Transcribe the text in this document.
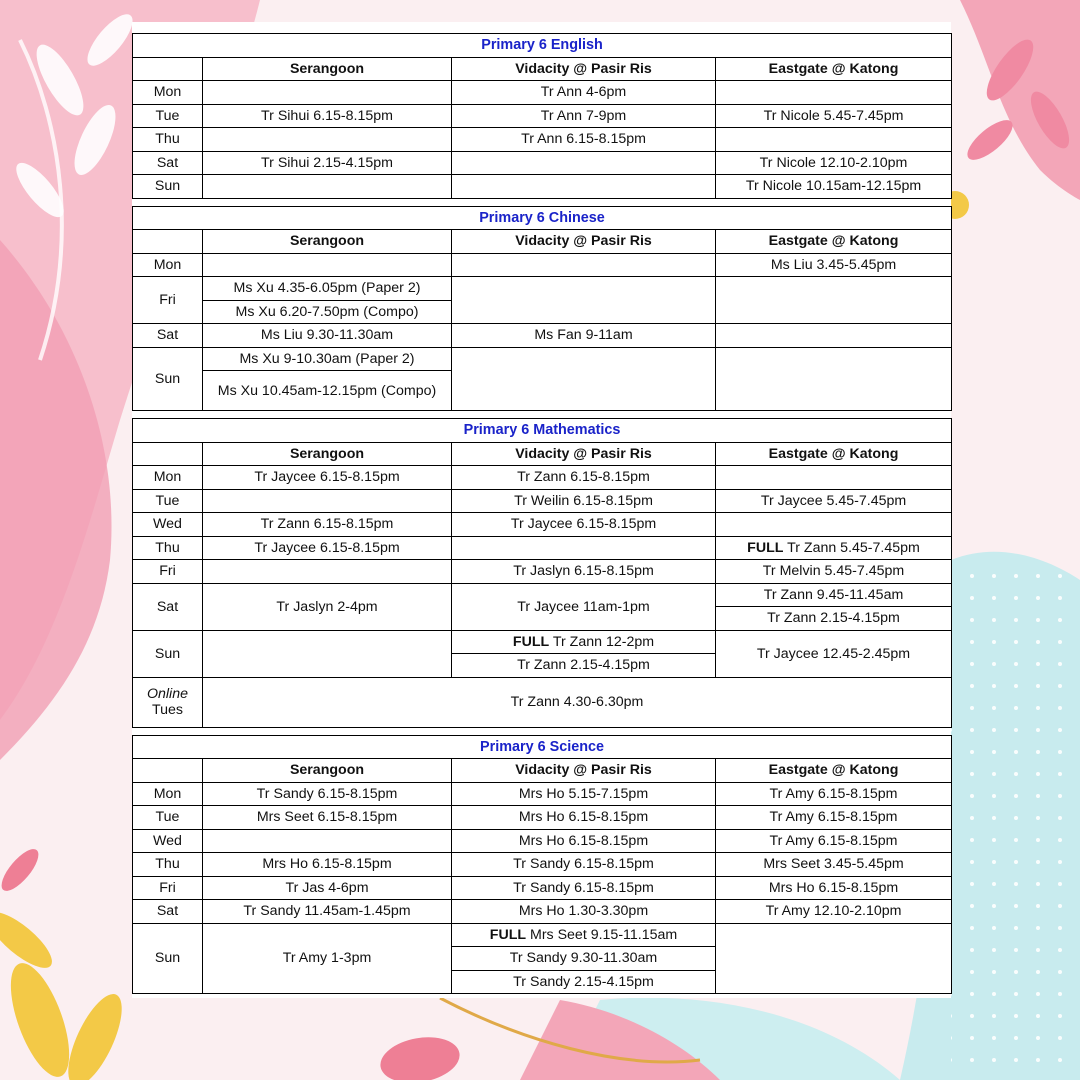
Primary 6 English			
	Serangoon	Vidacity @ Pasir Ris	Eastgate @ Katong
Mon		Tr Ann 4-6pm	
Tue	Tr Sihui 6.15-8.15pm	Tr Ann 7-9pm	Tr Nicole 5.45-7.45pm
Thu		Tr Ann 6.15-8.15pm	
Sat	Tr Sihui 2.15-4.15pm		Tr Nicole 12.10-2.10pm
Sun			Tr Nicole 10.15am-12.15pm

Primary 6 Chinese			
	Serangoon	Vidacity @ Pasir Ris	Eastgate @ Katong
Mon			Ms Liu 3.45-5.45pm
Fri	Ms Xu 4.35-6.05pm (Paper 2)		
	Ms Xu 6.20-7.50pm (Compo)		
Sat	Ms Liu 9.30-11.30am	Ms Fan 9-11am	
Sun	Ms Xu 9-10.30am (Paper 2)		
	Ms Xu 10.45am-12.15pm (Compo)		

Primary 6 Mathematics			
	Serangoon	Vidacity @ Pasir Ris	Eastgate @ Katong
Mon	Tr Jaycee 6.15-8.15pm	Tr Zann 6.15-8.15pm	
Tue		Tr Weilin 6.15-8.15pm	Tr Jaycee 5.45-7.45pm
Wed	Tr Zann 6.15-8.15pm	Tr Jaycee 6.15-8.15pm	
Thu	Tr Jaycee 6.15-8.15pm		FULL Tr Zann 5.45-7.45pm
Fri		Tr Jaslyn 6.15-8.15pm	Tr Melvin 5.45-7.45pm
Sat	Tr Jaslyn 2-4pm	Tr Jaycee 11am-1pm	Tr Zann 9.45-11.45am
			Tr Zann 2.15-4.15pm
Sun		FULL Tr Zann 12-2pm	Tr Jaycee 12.45-2.45pm
		Tr Zann 2.15-4.15pm	
Online
Tues	Tr Zann 4.30-6.30pm		

Primary 6 Science			
	Serangoon	Vidacity @ Pasir Ris	Eastgate @ Katong
Mon	Tr Sandy 6.15-8.15pm	Mrs Ho 5.15-7.15pm	Tr Amy 6.15-8.15pm
Tue	Mrs Seet 6.15-8.15pm	Mrs Ho 6.15-8.15pm	Tr Amy 6.15-8.15pm
Wed		Mrs Ho 6.15-8.15pm	Tr Amy 6.15-8.15pm
Thu	Mrs Ho 6.15-8.15pm	Tr Sandy 6.15-8.15pm	Mrs Seet 3.45-5.45pm
Fri	Tr Jas 4-6pm	Tr Sandy 6.15-8.15pm	Mrs Ho 6.15-8.15pm
Sat	Tr Sandy 11.45am-1.45pm	Mrs Ho 1.30-3.30pm	Tr Amy 12.10-2.10pm
Sun	Tr Amy 1-3pm	FULL Mrs Seet 9.15-11.15am	
		Tr Sandy 9.30-11.30am	
		Tr Sandy 2.15-4.15pm	
